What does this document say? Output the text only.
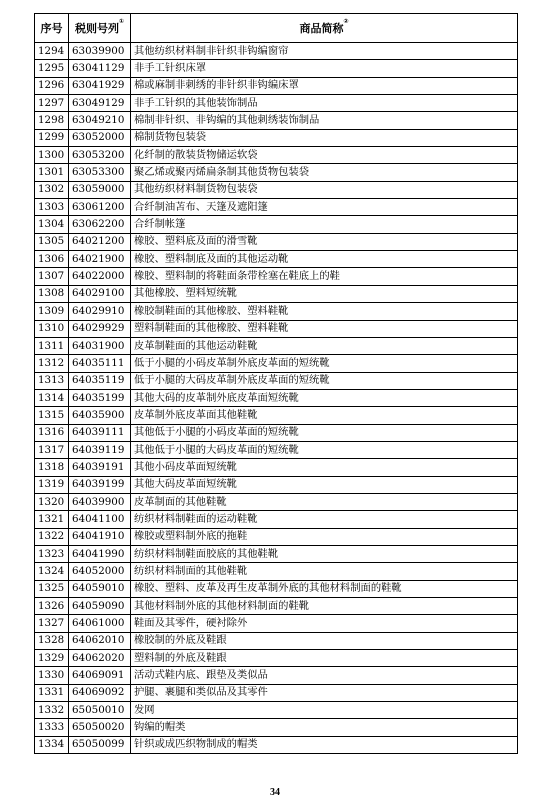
序号	税则号列①	商品简称②
1294	63039900	其他纺织材料制非针织非钩编窗帘
1295	63041129	非手工针织床罩
1296	63041929	棉或麻制非刺绣的非针织非钩编床罩
1297	63049129	非手工针织的其他装饰制品
1298	63049210	棉制非针织、非钩编的其他刺绣装饰制品
1299	63052000	棉制货物包装袋
1300	63053200	化纤制的散装货物储运软袋
1301	63053300	聚乙烯或聚丙烯扁条制其他货物包装袋
1302	63059000	其他纺织材料制货物包装袋
1303	63061200	合纤制油苫布、天篷及遮阳篷
1304	63062200	合纤制帐篷
1305	64021200	橡胶、塑料底及面的滑雪靴
1306	64021900	橡胶、塑料制底及面的其他运动靴
1307	64022000	橡胶、塑料制的将鞋面条带栓塞在鞋底上的鞋
1308	64029100	其他橡胶、塑料短统靴
1309	64029910	橡胶制鞋面的其他橡胶、塑料鞋靴
1310	64029929	塑料制鞋面的其他橡胶、塑料鞋靴
1311	64031900	皮革制鞋面的其他运动鞋靴
1312	64035111	低于小腿的小码皮革制外底皮革面的短统靴
1313	64035119	低于小腿的大码皮革制外底皮革面的短统靴
1314	64035199	其他大码的皮革制外底皮革面短统靴
1315	64035900	皮革制外底皮革面其他鞋靴
1316	64039111	其他低于小腿的小码皮革面的短统靴
1317	64039119	其他低于小腿的大码皮革面的短统靴
1318	64039191	其他小码皮革面短统靴
1319	64039199	其他大码皮革面短统靴
1320	64039900	皮革制面的其他鞋靴
1321	64041100	纺织材料制鞋面的运动鞋靴
1322	64041910	橡胶或塑料制外底的拖鞋
1323	64041990	纺织材料制鞋面胶底的其他鞋靴
1324	64052000	纺织材料制面的其他鞋靴
1325	64059010	橡胶、塑料、皮革及再生皮革制外底的其他材料制面的鞋靴
1326	64059090	其他材料制外底的其他材料制面的鞋靴
1327	64061000	鞋面及其零件，硬衬除外
1328	64062010	橡胶制的外底及鞋跟
1329	64062020	塑料制的外底及鞋跟
1330	64069091	活动式鞋内底、跟垫及类似品
1331	64069092	护腿、裹腿和类似品及其零件
1332	65050010	发网
1333	65050020	钩编的帽类
1334	65050099	针织或成匹织物制成的帽类
34
